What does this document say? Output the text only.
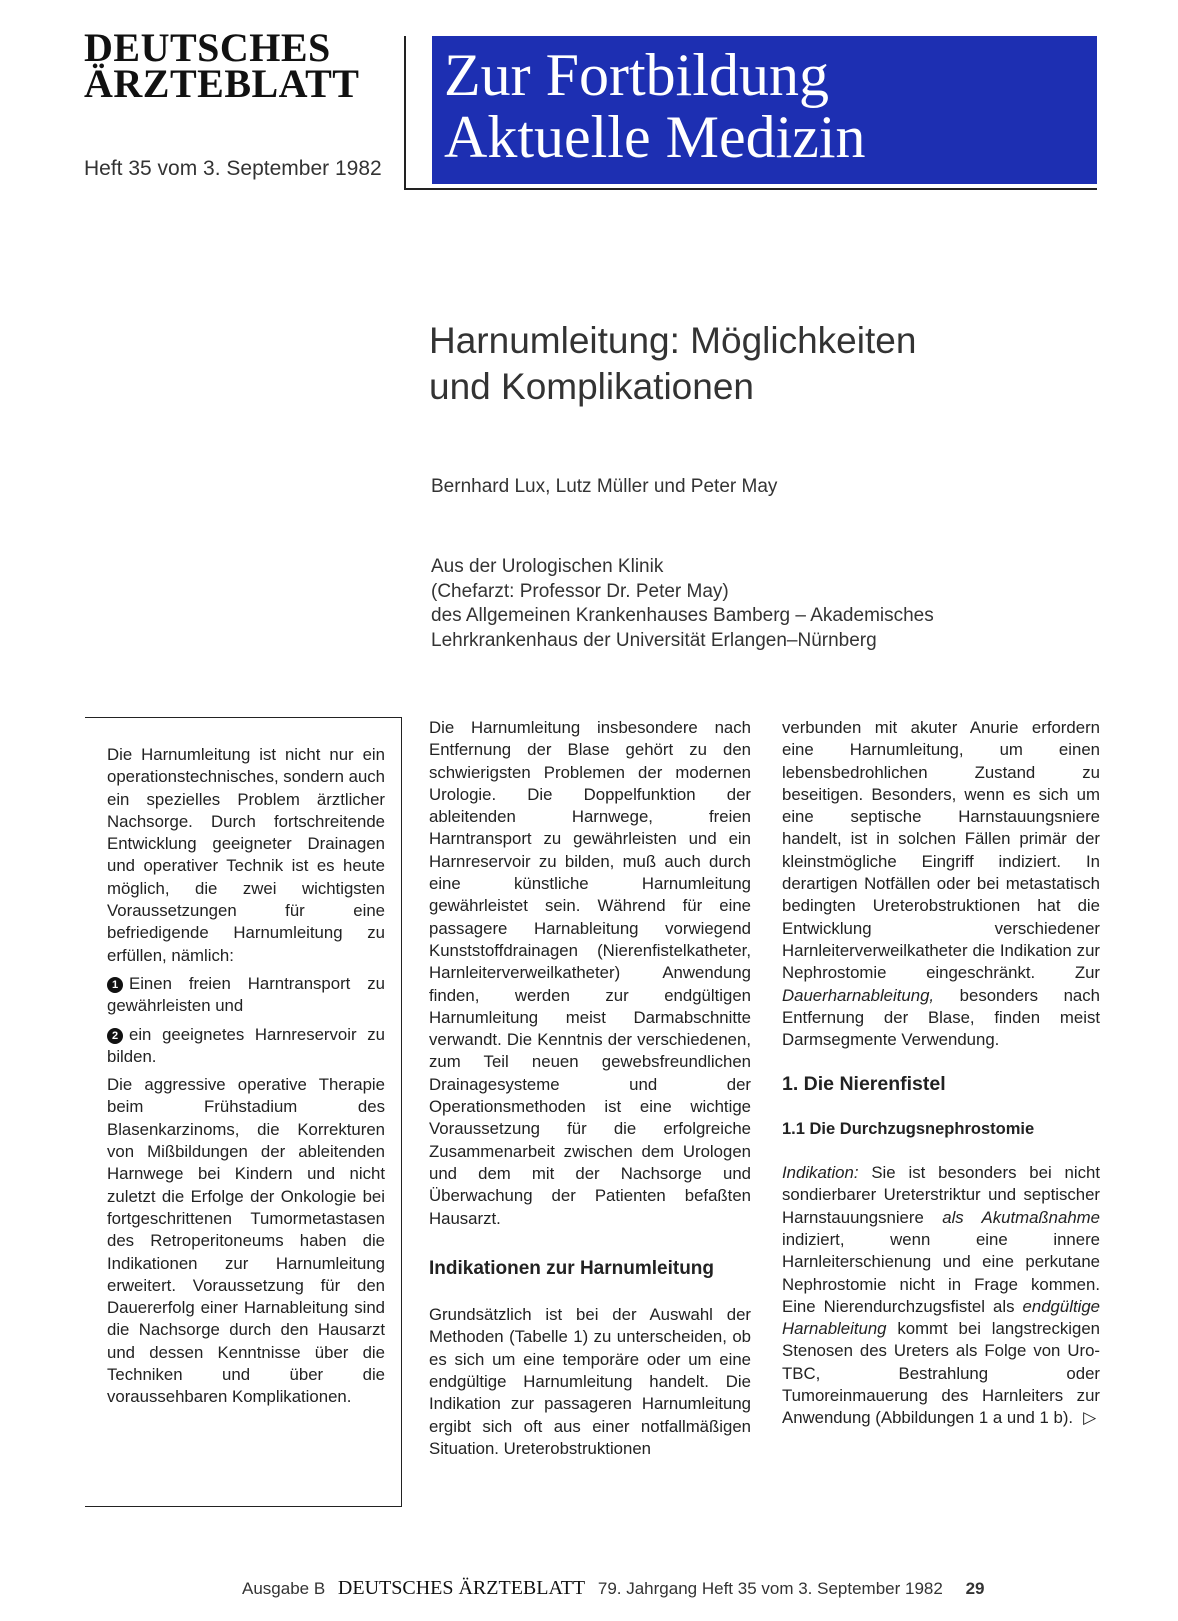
DEUTSCHES
ÄRZTEBLATT
Heft 35 vom 3. September 1982
Zur Fortbildung
Aktuelle Medizin
Harnumleitung: Möglichkeiten
und Komplikationen
Bernhard Lux, Lutz Müller und Peter May
Aus der Urologischen Klinik
(Chefarzt: Professor Dr. Peter May)
des Allgemeinen Krankenhauses Bamberg – Akademisches
Lehrkrankenhaus der Universität Erlangen–Nürnberg

Die Harnumleitung ist nicht nur ein operationstechnisches, sondern auch ein spezielles Problem ärztlicher Nachsorge. Durch fortschreitende Entwicklung geeigneter Drainagen und operativer Technik ist es heute möglich, die zwei wichtigsten Voraussetzungen für eine befriedigende Harnumleitung zu erfüllen, nämlich:

1 Einen freien Harntransport zu gewährleisten und

2 ein geeignetes Harnreservoir zu bilden.

Die aggressive operative Therapie beim Frühstadium des Blasenkarzinoms, die Korrekturen von Mißbildungen der ableitenden Harnwege bei Kindern und nicht zuletzt die Erfolge der Onkologie bei fortgeschrittenen Tumormetastasen des Retroperitoneums haben die Indikationen zur Harnumleitung erweitert. Voraussetzung für den Dauererfolg einer Harnableitung sind die Nachsorge durch den Hausarzt und dessen Kenntnisse über die Techniken und über die voraussehbaren Komplikationen.

Die Harnumleitung insbesondere nach Entfernung der Blase gehört zu den schwierigsten Problemen der modernen Urologie. Die Doppelfunktion der ableitenden Harnwege, freien Harntransport zu gewährleisten und ein Harnreservoir zu bilden, muß auch durch eine künstliche Harnumleitung gewährleistet sein. Während für eine passagere Harnableitung vorwiegend Kunststoffdrainagen (Nierenfistelkatheter, Harnleiterverweilkatheter) Anwendung finden, werden zur endgültigen Harnumleitung meist Darmabschnitte verwandt. Die Kenntnis der verschiedenen, zum Teil neuen gewebsfreundlichen Drainagesysteme und der Operationsmethoden ist eine wichtige Voraussetzung für die erfolgreiche Zusammenarbeit zwischen dem Urologen und dem mit der Nachsorge und Überwachung der Patienten befaßten Hausarzt.

Indikationen zur Harnumleitung

Grundsätzlich ist bei der Auswahl der Methoden (Tabelle 1) zu unterscheiden, ob es sich um eine temporäre oder um eine endgültige Harnumleitung handelt. Die Indikation zur passageren Harnumleitung ergibt sich oft aus einer notfallmäßigen Situation. Ureterobstruktionen

verbunden mit akuter Anurie erfordern eine Harnumleitung, um einen lebensbedrohlichen Zustand zu beseitigen. Besonders, wenn es sich um eine septische Harnstauungsniere handelt, ist in solchen Fällen primär der kleinstmögliche Eingriff indiziert. In derartigen Notfällen oder bei metastatisch bedingten Ureterobstruktionen hat die Entwicklung verschiedener Harnleiterverweilkatheter die Indikation zur Nephrostomie eingeschränkt. Zur Dauerharnableitung, besonders nach Entfernung der Blase, finden meist Darmsegmente Verwendung.

1. Die Nierenfistel
1.1 Die Durchzugsnephrostomie

Indikation: Sie ist besonders bei nicht sondierbarer Ureterstriktur und septischer Harnstauungsniere als Akutmaßnahme indiziert, wenn eine innere Harnleiterschienung und eine perkutane Nephrostomie nicht in Frage kommen. Eine Nierendurchzugsfistel als endgültige Harnableitung kommt bei langstreckigen Stenosen des Ureters als Folge von Uro-TBC, Bestrahlung oder Tumoreinmauerung des Harnleiters zur Anwendung (Abbildungen 1 a und 1 b). ▷

Ausgabe B DEUTSCHES ÄRZTEBLATT 79. Jahrgang Heft 35 vom 3. September 1982 29
